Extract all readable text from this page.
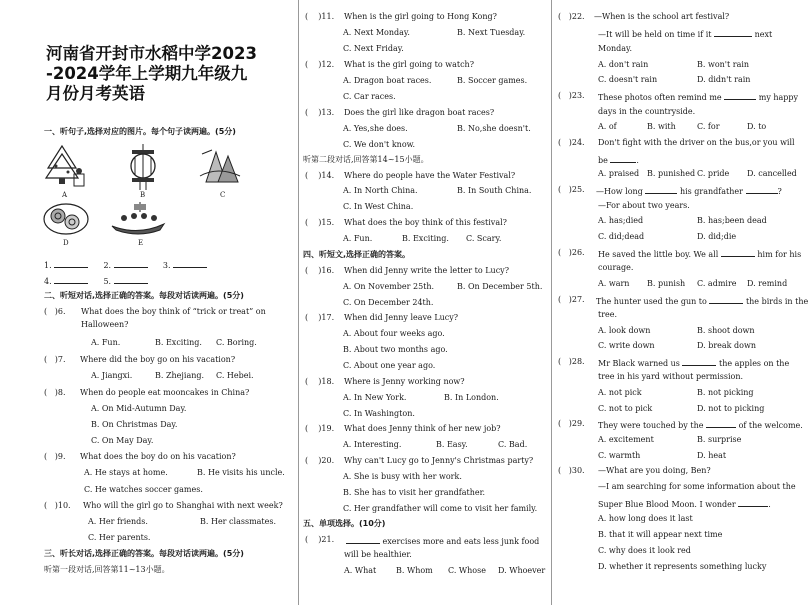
河南省开封市水稻中学2023
-2024学年上学期九年级九
月份月考英语
一、听句子,选择对应的图片。每个句子读两遍。(5分)
A	B	C
D	E
1.	2.	3.
4.	5.
二、听短对话,选择正确的答案。每段对话读两遍。(5分)
(   )6. What does the boy think of “trick or treat” on
Halloween?
A. Fun.	B. Exciting. C. Boring.
(   )7. Where did the boy go on his vacation?
A. Jiangxi.	B. Zhejiang. C. Hebei.
(   )8. When do people eat mooncakes in China?
A. On Mid-Autumn Day.
B. On Christmas Day.
C. On May Day.
(   )9. What does the boy do on his vacation?
A. He stays at home.	B. He visits his uncle.
C. He watches soccer games.
(   )10. Who will the girl go to Shanghai with next week?
A. Her friends.	B. Her classmates.
C. Her parents.
三、听长对话,选择正确的答案。每段对话读两遍。(5分)
听第一段对话,回答第11~13小题。
(    )11. When is the girl going to Hong Kong?
A. Next Monday.	B. Next Tuesday.
C. Next Friday.
(    )12. What is the girl going to watch?
A. Dragon boat races.	B. Soccer games.
C. Car races.
(    )13. Does the girl like dragon boat races?
A. Yes,she does.	B. No,she doesn't.
C. We don't know.
听第二段对话,回答第14~15小题。
(    )14. Where do people have the Water Festival?
A. In North China.	B. In South China.
C. In West China.
(    )15. What does the boy think of this festival?
A. Fun.	B. Exciting. C. Scary.
四、听短文,选择正确的答案。
(    )16. When did Jenny write the letter to Lucy?
A. On November 25th.	B. On December 5th.
C. On December 24th.
(    )17. When did Jenny leave Lucy?
A. About four weeks ago.
B. About two months ago.
C. About one year ago.
(    )18. Where is Jenny working now?
A. In New York.	B. In London.
C. In Washington.
(    )19. What does Jenny think of her new job?
A. Interesting.	B. Easy.	C. Bad.
(    )20. Why can't Lucy go to Jenny's Christmas party?
A. She is busy with her work.
B. She has to visit her grandfather.
C. Her grandfather will come to visit her family.
五、单项选择。(10分)
(    )21.	exercises more and eats less junk food
will be healthier.
A. What B. Whom C. Whose D. Whoever
(   )22. —When is the school art festival?
—It will be held on time if it	next
Monday.
A. don't rain	B. won't rain
C. doesn't rain	D. didn't rain
(   )23. These photos often remind me	my happy
days in the countryside.
A. of	B. with	C. for	D. to
(   )24. Don't fight with the driver on the bus,or you will
be	.
A. praised B. punished C. pride D. cancelled
(   )25. —How long	his grandfather	?
—For about two years.
A. has;died	B. has;been dead
C. did;dead	D. did;die
(   )26. He saved the little boy. We all	him for his
courage.
A. warn B. punish C. admire D. remind
(   )27. The hunter used the gun to	the birds in the
tree.
A. look down	B. shoot down
C. write down	D. break down
(   )28. Mr Black warned us	the apples on the
tree in his yard without permission.
A. not pick	B. not picking
C. not to pick	D. not to picking
(   )29. They were touched by the	of the welcome.
A. excitement	B. surprise
C. warmth	D. heat
(   )30. —What are you doing, Ben?
—I am searching for some information about the
Super Blue Blood Moon. I wonder	.
A. how long does it last
B. that it will appear next time
C. why does it look red
D. whether it represents something lucky
